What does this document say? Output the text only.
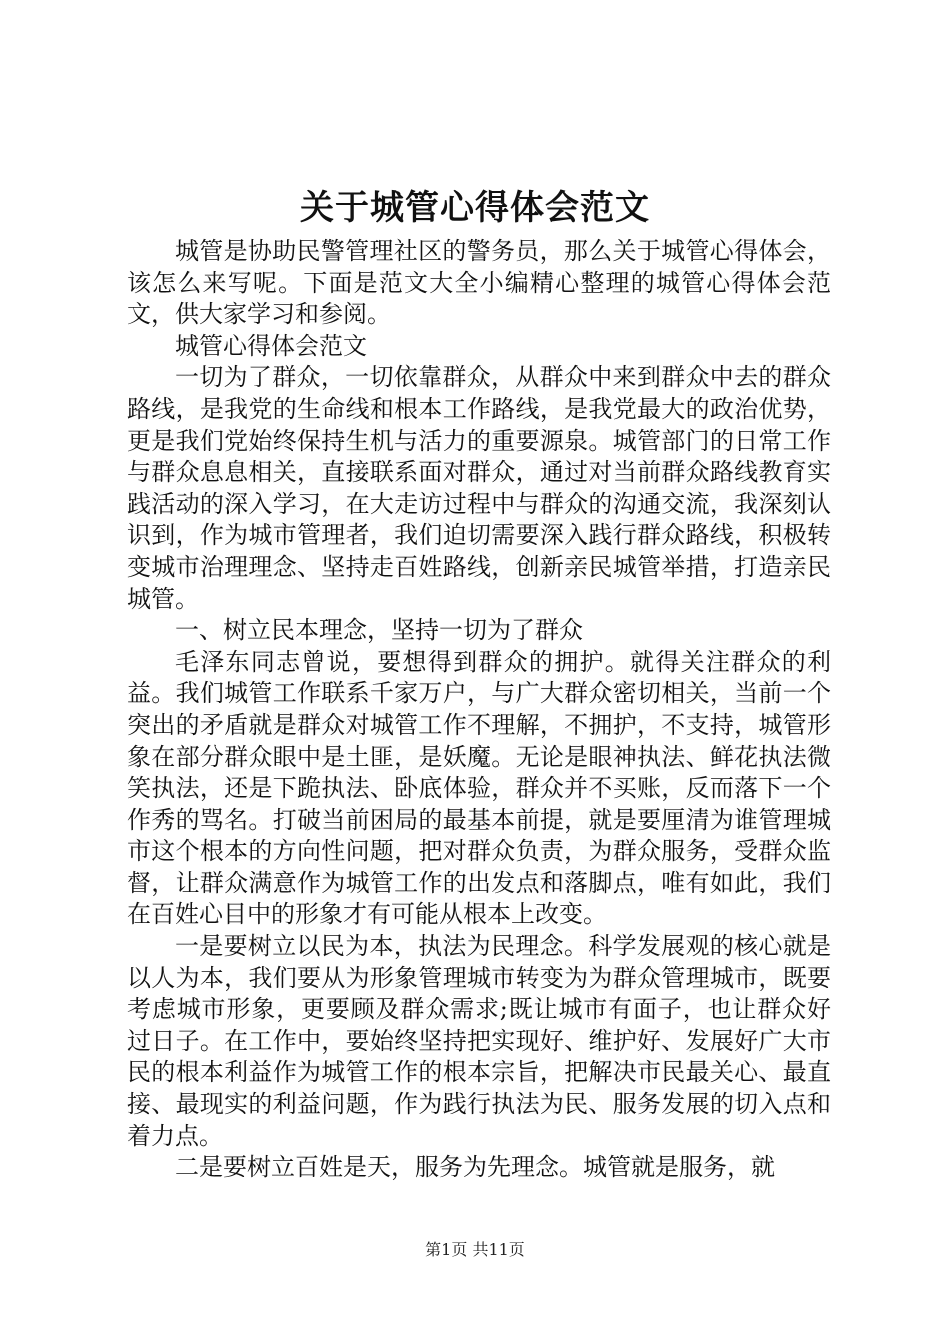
关于城管心得体会范文

城管是协助民警管理社区的警务员，那么关于城管心得体会，该怎么来写呢。下面是范文大全小编精心整理的城管心得体会范文，供大家学习和参阅。

城管心得体会范文

一切为了群众，一切依靠群众，从群众中来到群众中去的群众路线，是我党的生命线和根本工作路线，是我党最大的政治优势，更是我们党始终保持生机与活力的重要源泉。城管部门的日常工作与群众息息相关，直接联系面对群众，通过对当前群众路线教育实践活动的深入学习，在大走访过程中与群众的沟通交流，我深刻认识到，作为城市管理者，我们迫切需要深入践行群众路线，积极转变城市治理理念、坚持走百姓路线，创新亲民城管举措，打造亲民城管。

一、树立民本理念，坚持一切为了群众

毛泽东同志曾说，要想得到群众的拥护。就得关注群众的利益。我们城管工作联系千家万户，与广大群众密切相关，当前一个突出的矛盾就是群众对城管工作不理解，不拥护，不支持，城管形象在部分群众眼中是土匪，是妖魔。无论是眼神执法、鲜花执法微笑执法，还是下跪执法、卧底体验，群众并不买账，反而落下一个作秀的骂名。打破当前困局的最基本前提，就是要厘清为谁管理城市这个根本的方向性问题，把对群众负责，为群众服务，受群众监督，让群众满意作为城管工作的出发点和落脚点，唯有如此，我们在百姓心目中的形象才有可能从根本上改变。

一是要树立以民为本，执法为民理念。科学发展观的核心就是以人为本，我们要从为形象管理城市转变为为群众管理城市，既要考虑城市形象，更要顾及群众需求;既让城市有面子，也让群众好过日子。在工作中，要始终坚持把实现好、维护好、发展好广大市民的根本利益作为城管工作的根本宗旨，把解决市民最关心、最直接、最现实的利益问题，作为践行执法为民、服务发展的切入点和着力点。

二是要树立百姓是天，服务为先理念。城管就是服务，就

第1页 共11页
